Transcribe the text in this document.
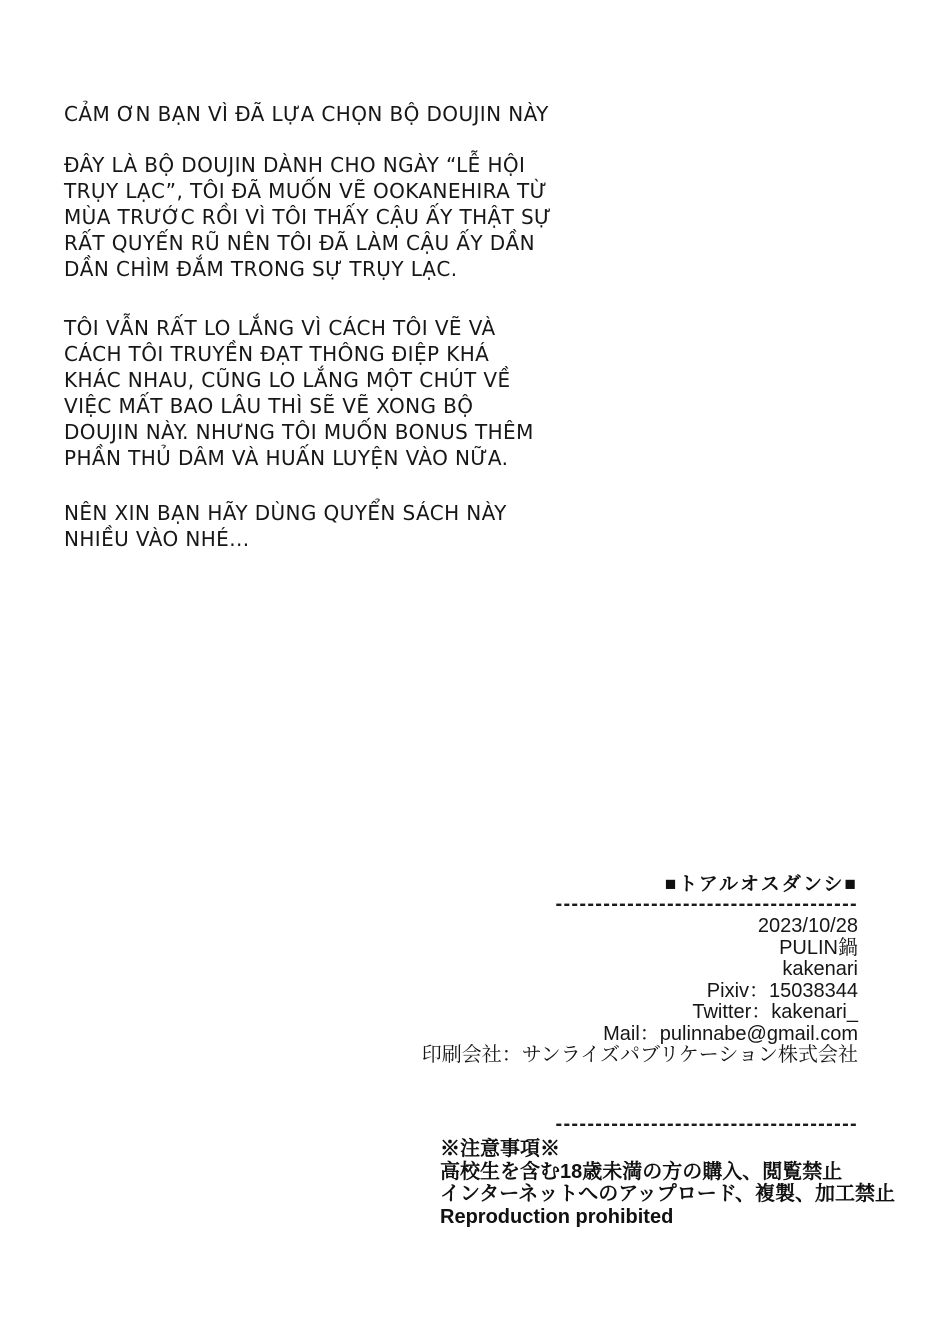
CẢM ƠN BẠN VÌ ĐÃ LỰA CHỌN BỘ DOUJIN NÀY
ĐÂY LÀ BỘ DOUJIN DÀNH CHO NGÀY “LỄ HỘI
TRỤY LẠC”, TÔI ĐÃ MUỐN VẼ OOKANEHIRA TỪ
MÙA TRƯỚC RỒI VÌ TÔI THẤY CẬU ẤY THẬT SỰ
RẤT QUYẾN RŨ NÊN TÔI ĐÃ LÀM CẬU ẤY DẦN
DẦN CHÌM ĐẮM TRONG SỰ TRỤY LẠC.
TÔI VẪN RẤT LO LẮNG VÌ CÁCH TÔI VẼ VÀ
CÁCH TÔI TRUYỀN ĐẠT THÔNG ĐIỆP KHÁ
KHÁC NHAU, CŨNG LO LẮNG MỘT CHÚT VỀ
VIỆC MẤT BAO LÂU THÌ SẼ VẼ XONG BỘ
DOUJIN NÀY. NHƯNG TÔI MUỐN BONUS THÊM
PHẦN THỦ DÂM VÀ HUẤN LUYỆN VÀO NỮA.
NÊN XIN BẠN HÃY DÙNG QUYỂN SÁCH NÀY
NHIỀU VÀO NHÉ...
■トアルオスダンシ■
--------------------------------------
2023/10/28
PULIN鍋
kakenari
Pixiv：15038344
Twitter：kakenari_
Mail：pulinnabe@gmail.com
印刷会社：サンライズパブリケーション株式会社
--------------------------------------
※注意事項※
高校生を含む18歳未満の方の購入、閲覧禁止
インターネットへのアップロード、複製、加工禁止
Reproduction prohibited
